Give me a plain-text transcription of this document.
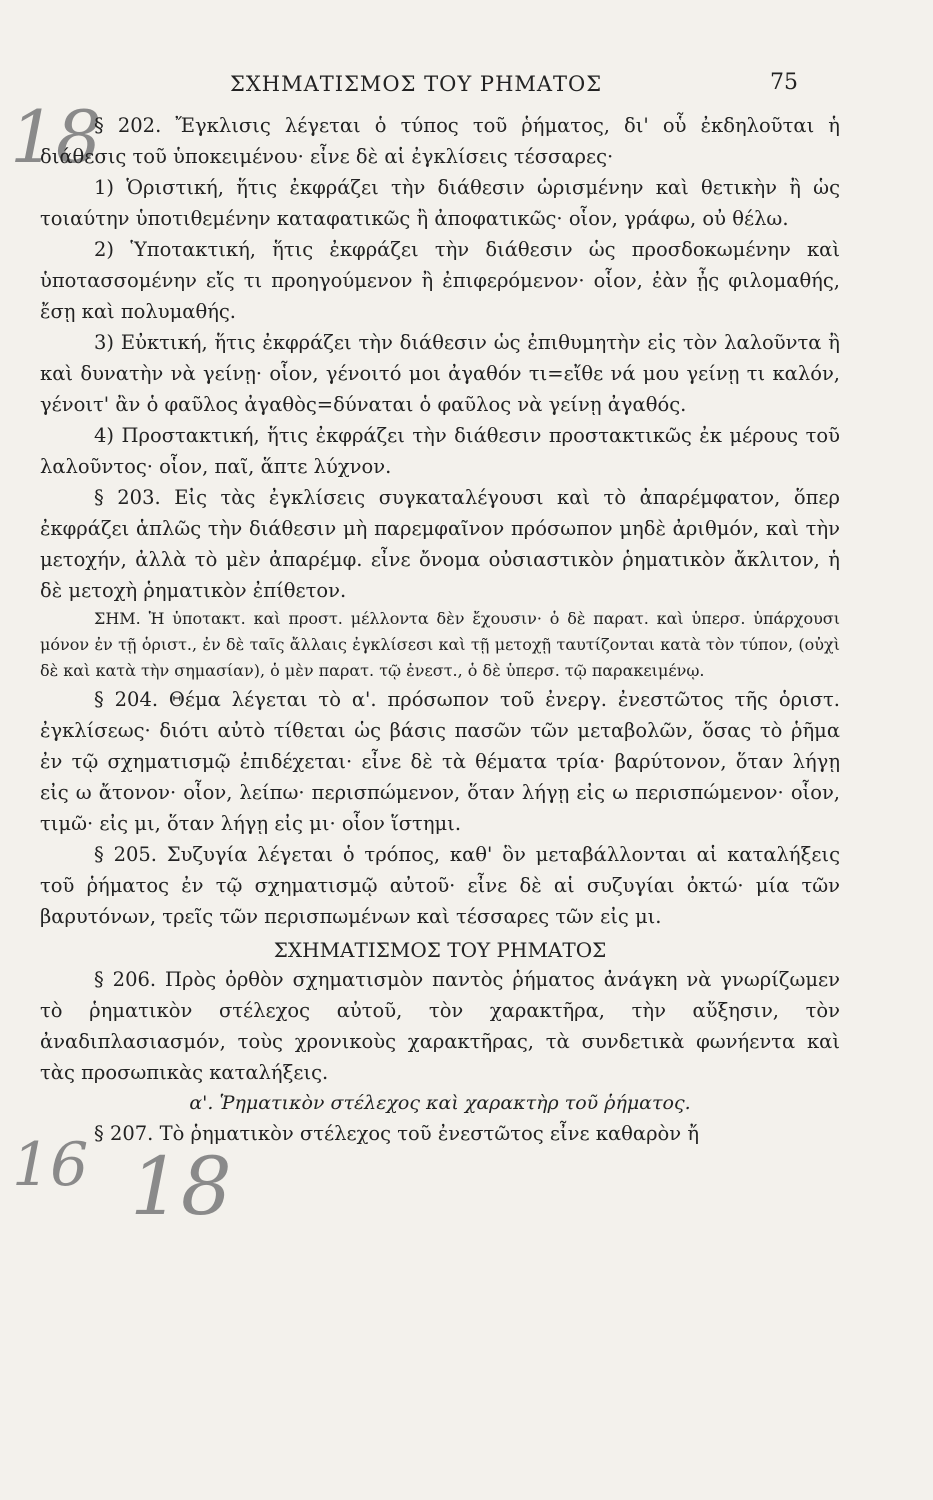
18
16 18
ΣΧΗΜΑΤΙΣΜΟΣ ΤΟΥ ΡΗΜΑΤΟΣ	75

§ 202. Ἔγκλισις λέγεται ὁ τύπος τοῦ ῥήματος, δι' οὗ ἐκδηλοῦται ἡ διάθεσις τοῦ ὑποκειμένου· εἶνε δὲ αἱ ἐγκλίσεις τέσσαρες·

1) Ὁριστική, ἥτις ἐκφράζει τὴν διάθεσιν ὡρισμένην καὶ θετικὴν ἢ ὡς τοιαύτην ὑποτιθεμένην καταφατικῶς ἢ ἀποφατικῶς· οἷον, γράφω, οὐ θέλω.

2) Ὑποτακτική, ἥτις ἐκφράζει τὴν διάθεσιν ὡς προσδοκωμένην καὶ ὑποτασσομένην εἴς τι προηγούμενον ἢ ἐπιφερόμενον· οἷον, ἐὰν ᾖς φιλομαθής, ἔσῃ καὶ πολυμαθής.

3) Εὐκτική, ἥτις ἐκφράζει τὴν διάθεσιν ὡς ἐπιθυμητὴν εἰς τὸν λαλοῦντα ἢ καὶ δυνατὴν νὰ γείνῃ· οἷον, γένοιτό μοι ἀγαθόν τι=εἴθε νά μου γείνῃ τι καλόν, γένοιτ' ἂν ὁ φαῦλος ἀγαθὸς=δύναται ὁ φαῦλος νὰ γείνῃ ἀγαθός.

4) Προστακτική, ἥτις ἐκφράζει τὴν διάθεσιν προστακτικῶς ἐκ μέρους τοῦ λαλοῦντος· οἷον, παῖ, ἅπτε λύχνον.

§ 203. Εἰς τὰς ἐγκλίσεις συγκαταλέγουσι καὶ τὸ ἀπαρέμφατον, ὅπερ ἐκφράζει ἁπλῶς τὴν διάθεσιν μὴ παρεμφαῖνον πρόσωπον μηδὲ ἀριθμόν, καὶ τὴν μετοχήν, ἀλλὰ τὸ μὲν ἀπαρέμφ. εἶνε ὄνομα οὐσιαστικὸν ῥηματικὸν ἄκλιτον, ἡ δὲ μετοχὴ ῥηματικὸν ἐπίθετον.

ΣΗΜ. Ἡ ὑποτακτ. καὶ προστ. μέλλοντα δὲν ἔχουσιν· ὁ δὲ παρατ. καὶ ὑπερσ. ὑπάρχουσι μόνον ἐν τῇ ὁριστ., ἐν δὲ ταῖς ἄλλαις ἐγκλίσεσι καὶ τῇ μετοχῇ ταυτίζονται κατὰ τὸν τύπον, (οὐχὶ δὲ καὶ κατὰ τὴν σημασίαν), ὁ μὲν παρατ. τῷ ἐνεστ., ὁ δὲ ὑπερσ. τῷ παρακειμένῳ.

§ 204. Θέμα λέγεται τὸ α'. πρόσωπον τοῦ ἐνεργ. ἐνεστῶτος τῆς ὁριστ. ἐγκλίσεως· διότι αὐτὸ τίθεται ὡς βάσις πασῶν τῶν μεταβολῶν, ὅσας τὸ ῥῆμα ἐν τῷ σχηματισμῷ ἐπιδέχεται· εἶνε δὲ τὰ θέματα τρία· βαρύτονον, ὅταν λήγῃ εἰς ω ἄτονον· οἷον, λείπω· περισπώμενον, ὅταν λήγῃ εἰς ω περισπώμενον· οἷον, τιμῶ· εἰς μι, ὅταν λήγῃ εἰς μι· οἷον ἵστημι.

§ 205. Συζυγία λέγεται ὁ τρόπος, καθ' ὃν μεταβάλλονται αἱ καταλήξεις τοῦ ῥήματος ἐν τῷ σχηματισμῷ αὐτοῦ· εἶνε δὲ αἱ συζυγίαι ὀκτώ· μία τῶν βαρυτόνων, τρεῖς τῶν περισπωμένων καὶ τέσσαρες τῶν εἰς μι.

ΣΧΗΜΑΤΙΣΜΟΣ ΤΟΥ ΡΗΜΑΤΟΣ

§ 206. Πρὸς ὀρθὸν σχηματισμὸν παντὸς ῥήματος ἀνάγκη νὰ γνωρίζωμεν τὸ ῥηματικὸν στέλεχος αὐτοῦ, τὸν χαρακτῆρα, τὴν αὔξησιν, τὸν ἀναδιπλασιασμόν, τοὺς χρονικοὺς χαρακτῆρας, τὰ συνδετικὰ φωνήεντα καὶ τὰς προσωπικὰς καταλήξεις.

α'. Ῥηματικὸν στέλεχος καὶ χαρακτὴρ τοῦ ῥήματος.

§ 207. Τὸ ῥηματικὸν στέλεχος τοῦ ἐνεστῶτος εἶνε καθαρὸν ἤ
